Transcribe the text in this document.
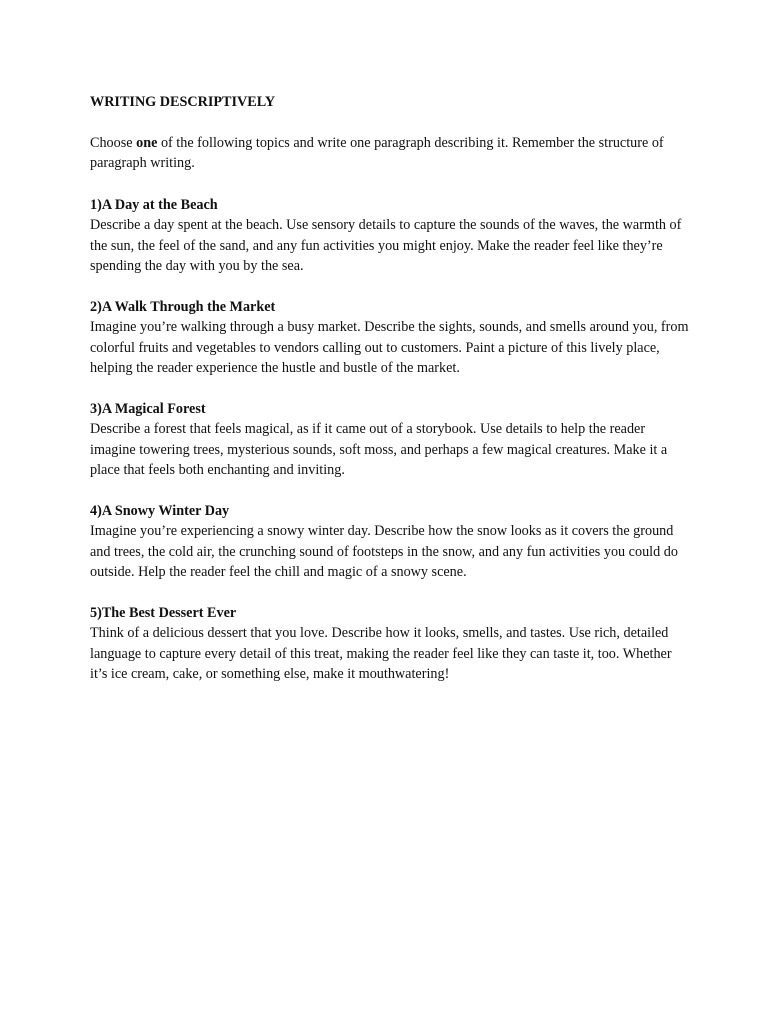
WRITING DESCRIPTIVELY

Choose one of the following topics and write one paragraph describing it. Remember the structure of paragraph writing.

1)A Day at the Beach
Describe a day spent at the beach. Use sensory details to capture the sounds of the waves, the warmth of the sun, the feel of the sand, and any fun activities you might enjoy. Make the reader feel like they’re spending the day with you by the sea.
2)A Walk Through the Market
Imagine you’re walking through a busy market. Describe the sights, sounds, and smells around you, from colorful fruits and vegetables to vendors calling out to customers. Paint a picture of this lively place, helping the reader experience the hustle and bustle of the market.
3)A Magical Forest
Describe a forest that feels magical, as if it came out of a storybook. Use details to help the reader imagine towering trees, mysterious sounds, soft moss, and perhaps a few magical creatures. Make it a place that feels both enchanting and inviting.
4)A Snowy Winter Day
Imagine you’re experiencing a snowy winter day. Describe how the snow looks as it covers the ground and trees, the cold air, the crunching sound of footsteps in the snow, and any fun activities you could do outside. Help the reader feel the chill and magic of a snowy scene.
5)The Best Dessert Ever
Think of a delicious dessert that you love. Describe how it looks, smells, and tastes. Use rich, detailed language to capture every detail of this treat, making the reader feel like they can taste it, too. Whether it’s ice cream, cake, or something else, make it mouthwatering!
